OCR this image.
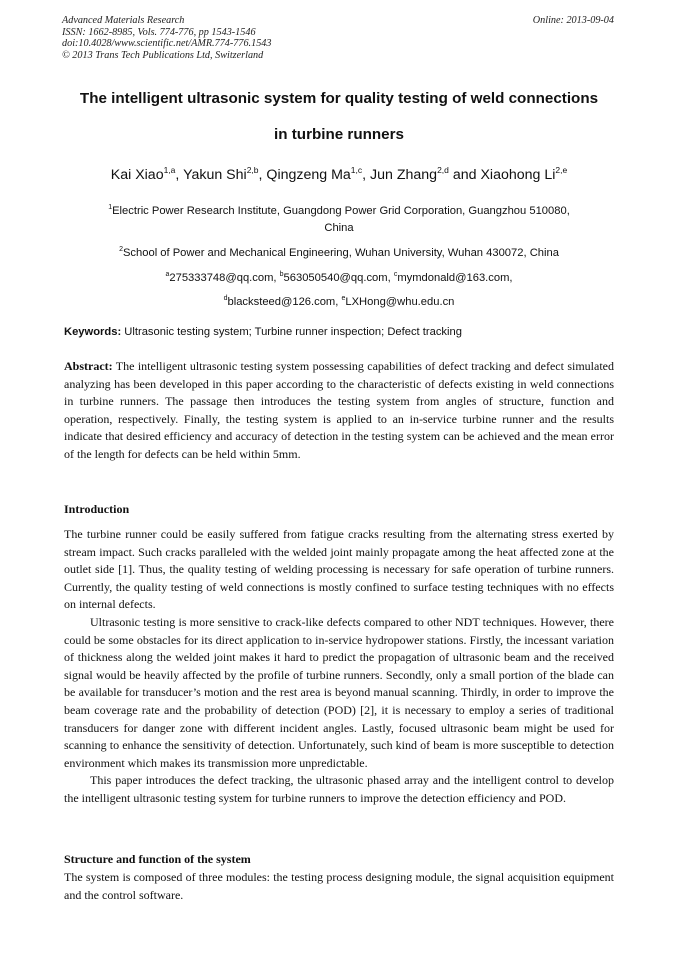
Advanced Materials Research
ISSN: 1662-8985, Vols. 774-776, pp 1543-1546
doi:10.4028/www.scientific.net/AMR.774-776.1543
© 2013 Trans Tech Publications Ltd, Switzerland
Online: 2013-09-04
The intelligent ultrasonic system for quality testing of weld connections
in turbine runners
Kai Xiao$^{1,a}$, Yakun Shi$^{2,b}$, Qingzeng Ma$^{1,c}$, Jun Zhang$^{2,d}$ and Xiaohong Li$^{2,e}$
$^1$Electric Power Research Institute, Guangdong Power Grid Corporation, Guangzhou 510080,
China
$^2$School of Power and Mechanical Engineering, Wuhan University, Wuhan 430072, China
$^a$275333748@qq.com, $^b$563050540@qq.com, $^c$mymdonald@163.com,
$^d$blacksteed@126.com, $^e$LXHong@whu.edu.cn
Keywords: Ultrasonic testing system; Turbine runner inspection; Defect tracking

Abstract: The intelligent ultrasonic testing system possessing capabilities of defect tracking and defect simulated analyzing has been developed in this paper according to the characteristic of defects existing in weld connections in turbine runners. The passage then introduces the testing system from angles of structure, function and operation, respectively. Finally, the testing system is applied to an in-service turbine runner and the results indicate that desired efficiency and accuracy of detection in the testing system can be achieved and the mean error of the length for defects can be held within 5mm.

Introduction

The turbine runner could be easily suffered from fatigue cracks resulting from the alternating stress exerted by stream impact. Such cracks paralleled with the welded joint mainly propagate among the heat affected zone at the outlet side [1]. Thus, the quality testing of welding processing is necessary for safe operation of turbine runners. Currently, the quality testing of weld connections is mostly confined to surface testing techniques with no effects on internal defects.

Ultrasonic testing is more sensitive to crack-like defects compared to other NDT techniques. However, there could be some obstacles for its direct application to in-service hydropower stations. Firstly, the incessant variation of thickness along the welded joint makes it hard to predict the propagation of ultrasonic beam and the received signal would be heavily affected by the profile of turbine runners. Secondly, only a small portion of the blade can be available for transducer’s motion and the rest area is beyond manual scanning. Thirdly, in order to improve the beam coverage rate and the probability of detection (POD) [2], it is necessary to employ a series of traditional transducers for danger zone with different incident angles. Lastly, focused ultrasonic beam might be used for scanning to enhance the sensitivity of detection. Unfortunately, such kind of beam is more susceptible to detection environment which makes its transmission more unpredictable.

This paper introduces the defect tracking, the ultrasonic phased array and the intelligent control to develop the intelligent ultrasonic testing system for turbine runners to improve the detection efficiency and POD.

Structure and function of the system

The system is composed of three modules: the testing process designing module, the signal acquisition equipment and the control software.
